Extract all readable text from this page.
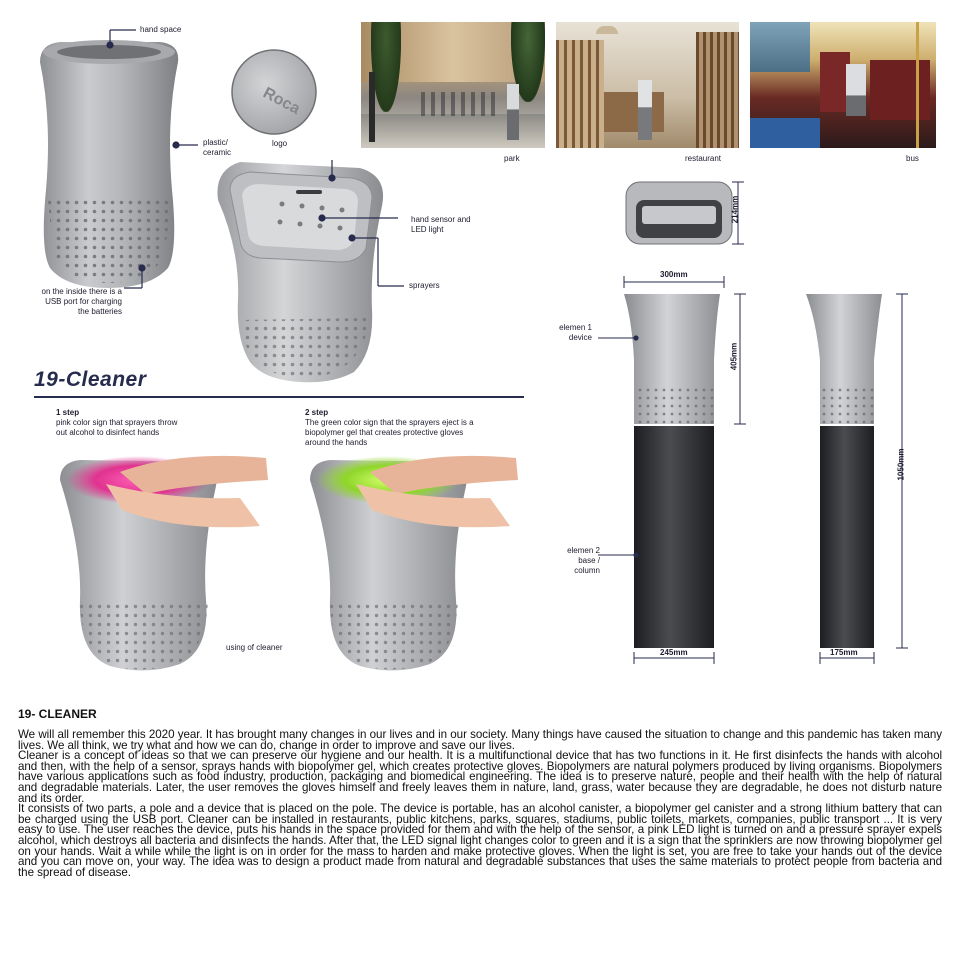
Roca
hand space
logo
plastic/
ceramic
hand sensor and
LED light
sprayers
on the inside there is a
USB port for charging
the batteries
park	restaurant	bus
19-Cleaner
1 step
pink color sign that sprayers throw
out alcohol to disinfect hands
2 step
The green color sign that the sprayers eject is a
biopolymer gel that creates protective gloves
around the hands
using of cleaner
214mm
300mm
405mm
245mm
1050mm
175mm
elemen 1
device
elemen 2
base /
column
19- CLEANER

We will all remember this 2020 year. It has brought many changes in our lives and in our society. Many things have caused the situation to change and this pandemic has taken many lives. We all think, we try what and how we can do, change in order to improve and save our lives.

Cleaner is a concept of ideas so that we can preserve our hygiene and our health. It is a multifunctional device that has two functions in it. He first disinfects the hands with alcohol and then, with the help of a sensor, sprays hands with biopolymer gel, which creates protective gloves. Biopolymers are natural polymers produced by living organisms. Biopolymers have various applications such as food industry, production, packaging and biomedical engineering. The idea is to preserve nature, people and their health with the help of natural and degradable materials. Later, the user removes the gloves himself and freely leaves them in nature, land, grass, water because they are degradable, he does not disturb nature and its order.

It consists of two parts, a pole and a device that is placed on the pole. The device is portable, has an alcohol canister, a biopolymer gel canister and a strong lithium battery that can be charged using the USB port. Cleaner can be installed in restaurants, public kitchens, parks, squares, stadiums, public toilets, markets, companies, public transport ... It is very easy to use. The user reaches the device, puts his hands in the space provided for them and with the help of the sensor, a pink LED light is turned on and a pressure sprayer expels alcohol, which destroys all bacteria and disinfects the hands. After that, the LED signal light changes color to green and it is a sign that the sprinklers are now throwing biopolymer gel on your hands. Wait a while while the light is on in order for the mass to harden and make protective gloves. When the light is set, you are free to take your hands out of the device and you can move on, your way. The idea was to design a product made from natural and degradable substances that uses the same materials to protect people from bacteria and the spread of disease.
